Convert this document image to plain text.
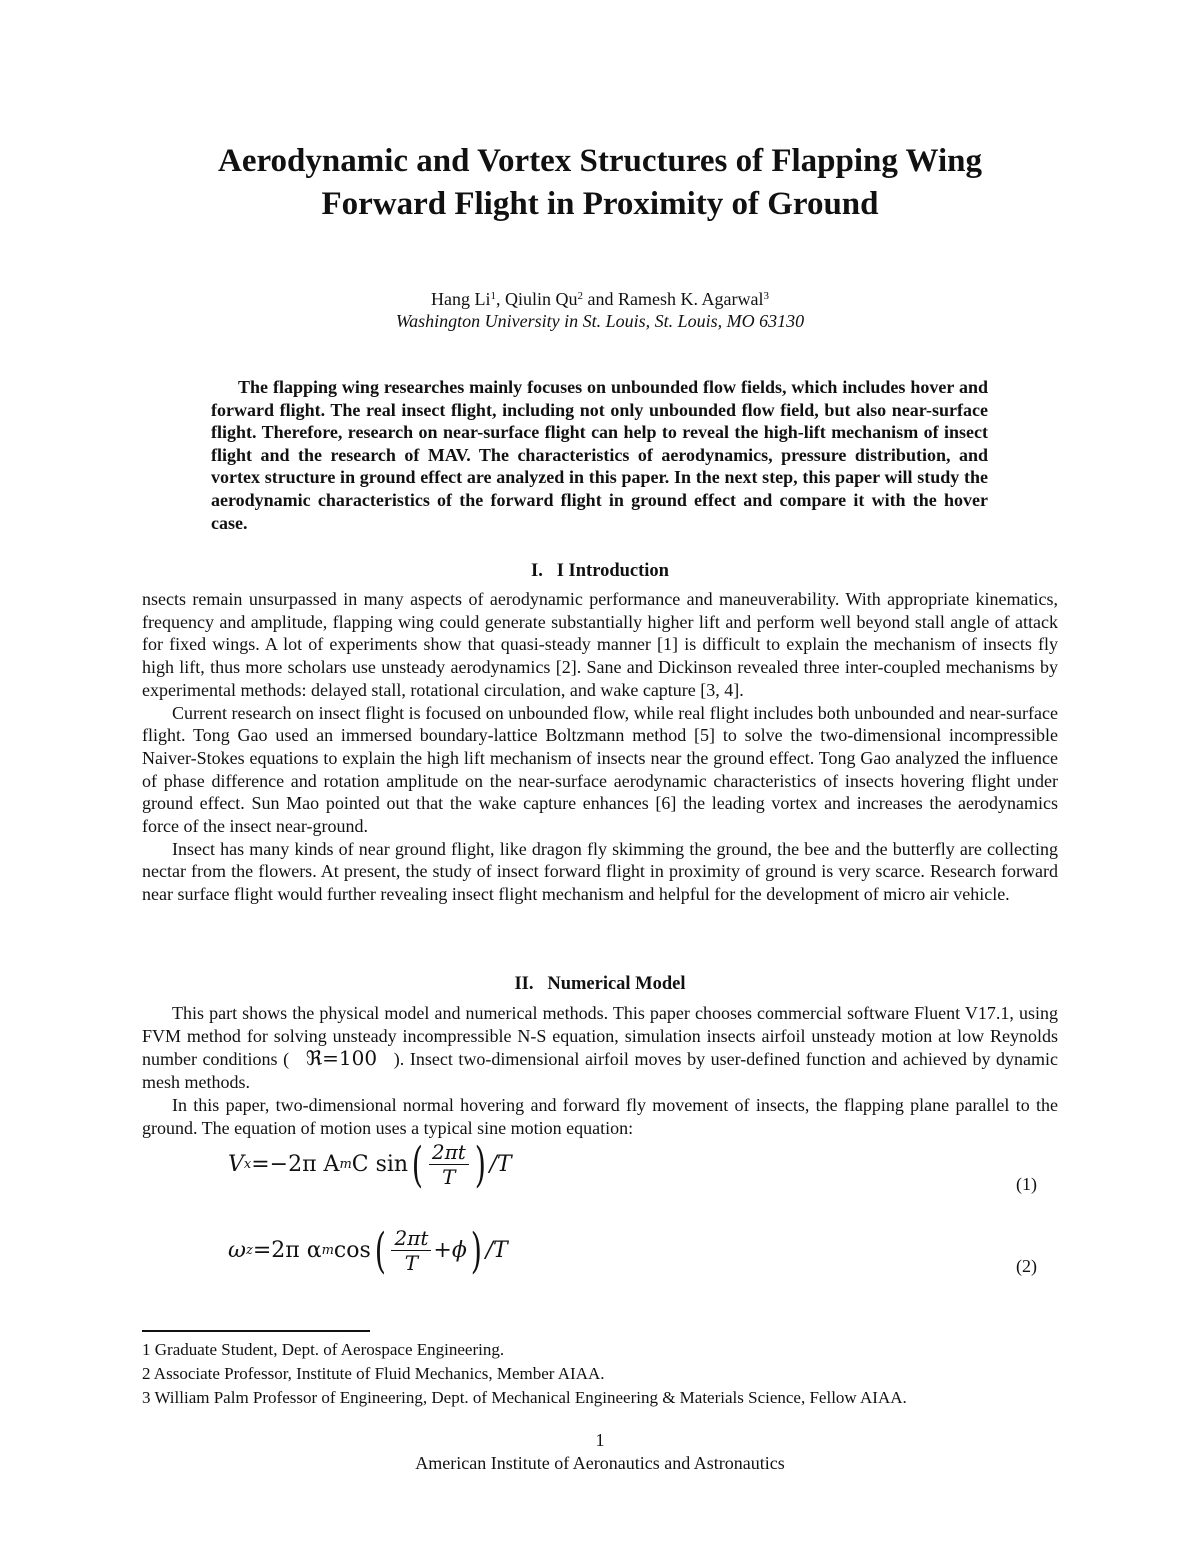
Aerodynamic and Vortex Structures of Flapping Wing
Forward Flight in Proximity of Ground
Hang Li$^1$, Qiulin Qu$^2$ and Ramesh K. Agarwal$^3$
Washington University in St. Louis, St. Louis, MO 63130
The flapping wing researches mainly focuses on unbounded flow fields, which includes hover and forward flight. The real insect flight, including not only unbounded flow field, but also near-surface flight. Therefore, research on near-surface flight can help to reveal the high-lift mechanism of insect flight and the research of MAV. The characteristics of aerodynamics, pressure distribution, and vortex structure in ground effect are analyzed in this paper. In the next step, this paper will study the aerodynamic characteristics of the forward flight in ground effect and compare it with the hover case.
I.   I Introduction

nsects remain unsurpassed in many aspects of aerodynamic performance and maneuverability. With appropriate kinematics, frequency and amplitude, flapping wing could generate substantially higher lift and perform well beyond stall angle of attack for fixed wings. A lot of experiments show that quasi-steady manner [1] is difficult to explain the mechanism of insects fly high lift, thus more scholars use unsteady aerodynamics [2]. Sane and Dickinson revealed three inter-coupled mechanisms by experimental methods: delayed stall, rotational circulation, and wake capture [3, 4].

Current research on insect flight is focused on unbounded flow, while real flight includes both unbounded and near-surface flight. Tong Gao used an immersed boundary-lattice Boltzmann method [5] to solve the two-dimensional incompressible Naiver-Stokes equations to explain the high lift mechanism of insects near the ground effect. Tong Gao analyzed the influence of phase difference and rotation amplitude on the near-surface aerodynamic characteristics of insects hovering flight under ground effect. Sun Mao pointed out that the wake capture enhances [6] the leading vortex and increases the aerodynamics force of the insect near-ground.

Insect has many kinds of near ground flight, like dragon fly skimming the ground, the bee and the butterfly are collecting nectar from the flowers. At present, the study of insect forward flight in proximity of ground is very scarce. Research forward near surface flight would further revealing insect flight mechanism and helpful for the development of micro air vehicle.

II.   Numerical Model

This part shows the physical model and numerical methods. This paper chooses commercial software Fluent V17.1, using FVM method for solving unsteady incompressible N-S equation, simulation insects airfoil unsteady motion at low Reynolds number conditions ( ℜ=100 ). Insect two-dimensional airfoil moves by user-defined function and achieved by dynamic mesh methods.

In this paper, two-dimensional normal hovering and forward fly movement of insects, the flapping plane parallel to the ground. The equation of motion uses a typical sine motion equation:

V x =−2π A m C sin ( $\frac{2\pi t}{T}$ ) /T
(1)
ω z =2π α m cos ( $\frac{2\pi t}{T} +\phi$ ) /T
(2)
1 Graduate Student, Dept. of Aerospace Engineering.
2 Associate Professor, Institute of Fluid Mechanics, Member AIAA.
3 William Palm Professor of Engineering, Dept. of Mechanical Engineering & Materials Science, Fellow AIAA.
1
American Institute of Aeronautics and Astronautics
